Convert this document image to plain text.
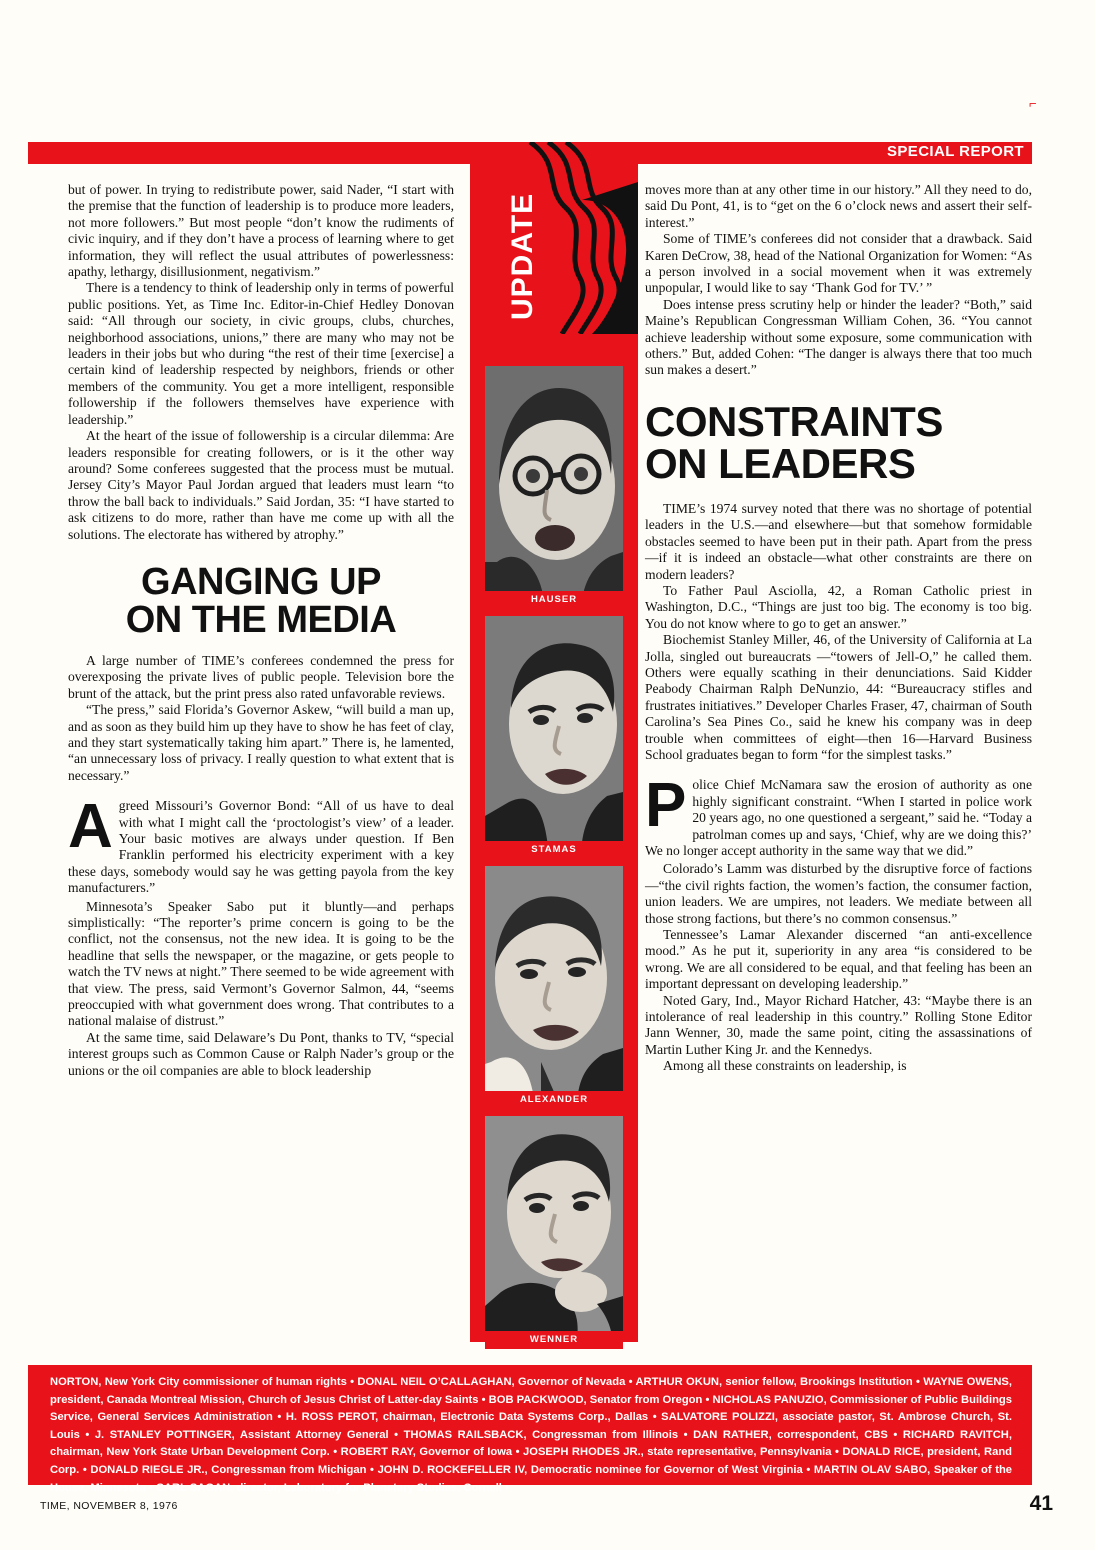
⌐
SPECIAL REPORT
UPDATE
HAUSER
STAMAS
ALEXANDER
WENNER

but of power. In trying to redistribute power, said Nader, “I start with the premise that the function of leadership is to produce more leaders, not more followers.” But most people “don’t know the rudiments of civic inquiry, and if they don’t have a process of learning where to get information, they will reflect the usual attributes of powerlessness: apathy, lethargy, disillusionment, negativism.”

There is a tendency to think of leadership only in terms of powerful public positions. Yet, as Time Inc. Editor-in-Chief Hedley Donovan said: “All through our society, in civic groups, clubs, churches, neighborhood associations, unions,” there are many who may not be leaders in their jobs but who during “the rest of their time [exercise] a certain kind of leadership respected by neighbors, friends or other members of the community. You get a more intelligent, responsible followership if the followers themselves have experience with leadership.”

At the heart of the issue of followership is a circular dilemma: Are leaders responsible for creating followers, or is it the other way around? Some conferees suggested that the process must be mutual. Jersey City’s Mayor Paul Jordan argued that leaders must learn “to throw the ball back to individuals.” Said Jordan, 35: “I have started to ask citizens to do more, rather than have me come up with all the solutions. The electorate has withered by atrophy.”

GANGING UP
ON THE MEDIA

A large number of TIME’s conferees condemned the press for overexposing the private lives of public people. Television bore the brunt of the attack, but the print press also rated unfavorable reviews.

“The press,” said Florida’s Governor Askew, “will build a man up, and as soon as they build him up they have to show he has feet of clay, and they start systematically taking him apart.” There is, he lamented, “an unnecessary loss of privacy. I really question to what extent that is necessary.”

A greed Missouri’s Governor Bond: “All of us have to deal with what I might call the ‘proctologist’s view’ of a leader. Your basic motives are always under question. If Ben Franklin performed his electricity experiment with a key these days, somebody would say he was getting payola from the key manufacturers.”

Minnesota’s Speaker Sabo put it bluntly—and perhaps simplistically: “The reporter’s prime concern is going to be the conflict, not the consensus, not the new idea. It is going to be the headline that sells the newspaper, or the magazine, or gets people to watch the TV news at night.” There seemed to be wide agreement with that view. The press, said Vermont’s Governor Salmon, 44, “seems preoccupied with what government does wrong. That contributes to a national malaise of distrust.”

At the same time, said Delaware’s Du Pont, thanks to TV, “special interest groups such as Common Cause or Ralph Nader’s group or the unions or the oil companies are able to block leadership

moves more than at any other time in our history.” All they need to do, said Du Pont, 41, is to “get on the 6 o’clock news and assert their self-interest.”

Some of TIME’s conferees did not consider that a drawback. Said Karen DeCrow, 38, head of the National Organization for Women: “As a person involved in a social movement when it was extremely unpopular, I would like to say ‘Thank God for TV.’ ”

Does intense press scrutiny help or hinder the leader? “Both,” said Maine’s Republican Congressman William Cohen, 36. “You cannot achieve leadership without some exposure, some communication with others.” But, added Cohen: “The danger is always there that too much sun makes a desert.”

CONSTRAINTS
ON LEADERS

TIME’s 1974 survey noted that there was no shortage of potential leaders in the U.S.—and elsewhere—but that somehow formidable obstacles seemed to have been put in their path. Apart from the press—if it is indeed an obstacle—what other constraints are there on modern leaders?

To Father Paul Asciolla, 42, a Roman Catholic priest in Washington, D.C., “Things are just too big. The economy is too big. You do not know where to go to get an answer.”

Biochemist Stanley Miller, 46, of the University of California at La Jolla, singled out bureaucrats —“towers of Jell-O,” he called them. Others were equally scathing in their denunciations. Said Kidder Peabody Chairman Ralph DeNunzio, 44: “Bureaucracy stifles and frustrates initiatives.” Developer Charles Fraser, 47, chairman of South Carolina’s Sea Pines Co., said he knew his company was in deep trouble when committees of eight—then 16—Harvard Business School graduates began to form “for the simplest tasks.”

P olice Chief McNamara saw the erosion of authority as one highly significant constraint. “When I started in police work 20 years ago, no one questioned a sergeant,” said he. “Today a patrolman comes up and says, ‘Chief, why are we doing this?’ We no longer accept authority in the same way that we did.”

Colorado’s Lamm was disturbed by the disruptive force of factions—“the civil rights faction, the women’s faction, the consumer faction, union leaders. We are umpires, not leaders. We mediate between all those strong factions, but there’s no common consensus.”

Tennessee’s Lamar Alexander discerned “an anti-excellence mood.” As he put it, superiority in any area “is considered to be wrong. We are all considered to be equal, and that feeling has been an important depressant on developing leadership.”

Noted Gary, Ind., Mayor Richard Hatcher, 43: “Maybe there is an intolerance of real leadership in this country.” Rolling Stone Editor Jann Wenner, 30, made the same point, citing the assassinations of Martin Luther King Jr. and the Kennedys.

Among all these constraints on leadership, is

NORTON, New York City commissioner of human rights • DONAL NEIL O’CALLAGHAN, Governor of Nevada • ARTHUR OKUN, senior fellow, Brookings Institution • WAYNE OWENS, president, Canada Montreal Mission, Church of Jesus Christ of Latter-day Saints • BOB PACKWOOD, Senator from Oregon • NICHOLAS PANUZIO, Commissioner of Public Buildings Service, General Services Administration • H. ROSS PEROT, chairman, Electronic Data Systems Corp., Dallas • SALVATORE POLIZZI, associate pastor, St. Ambrose Church, St. Louis • J. STANLEY POTTINGER, Assistant Attorney General • THOMAS RAILSBACK, Congressman from Illinois • DAN RATHER, correspondent, CBS • RICHARD RAVITCH, chairman, New York State Urban Development Corp. • ROBERT RAY, Governor of Iowa • JOSEPH RHODES JR., state representative, Pennsylvania • DONALD RICE, president, Rand Corp. • DONALD RIEGLE JR., Congressman from Michigan • JOHN D. ROCKEFELLER IV, Democratic nominee for Governor of West Virginia • MARTIN OLAV SABO, Speaker of the House, Minnesota • CARL SAGAN, director, Laboratory for Planetary Studies, Cornell •
TIME, NOVEMBER 8, 1976	41
